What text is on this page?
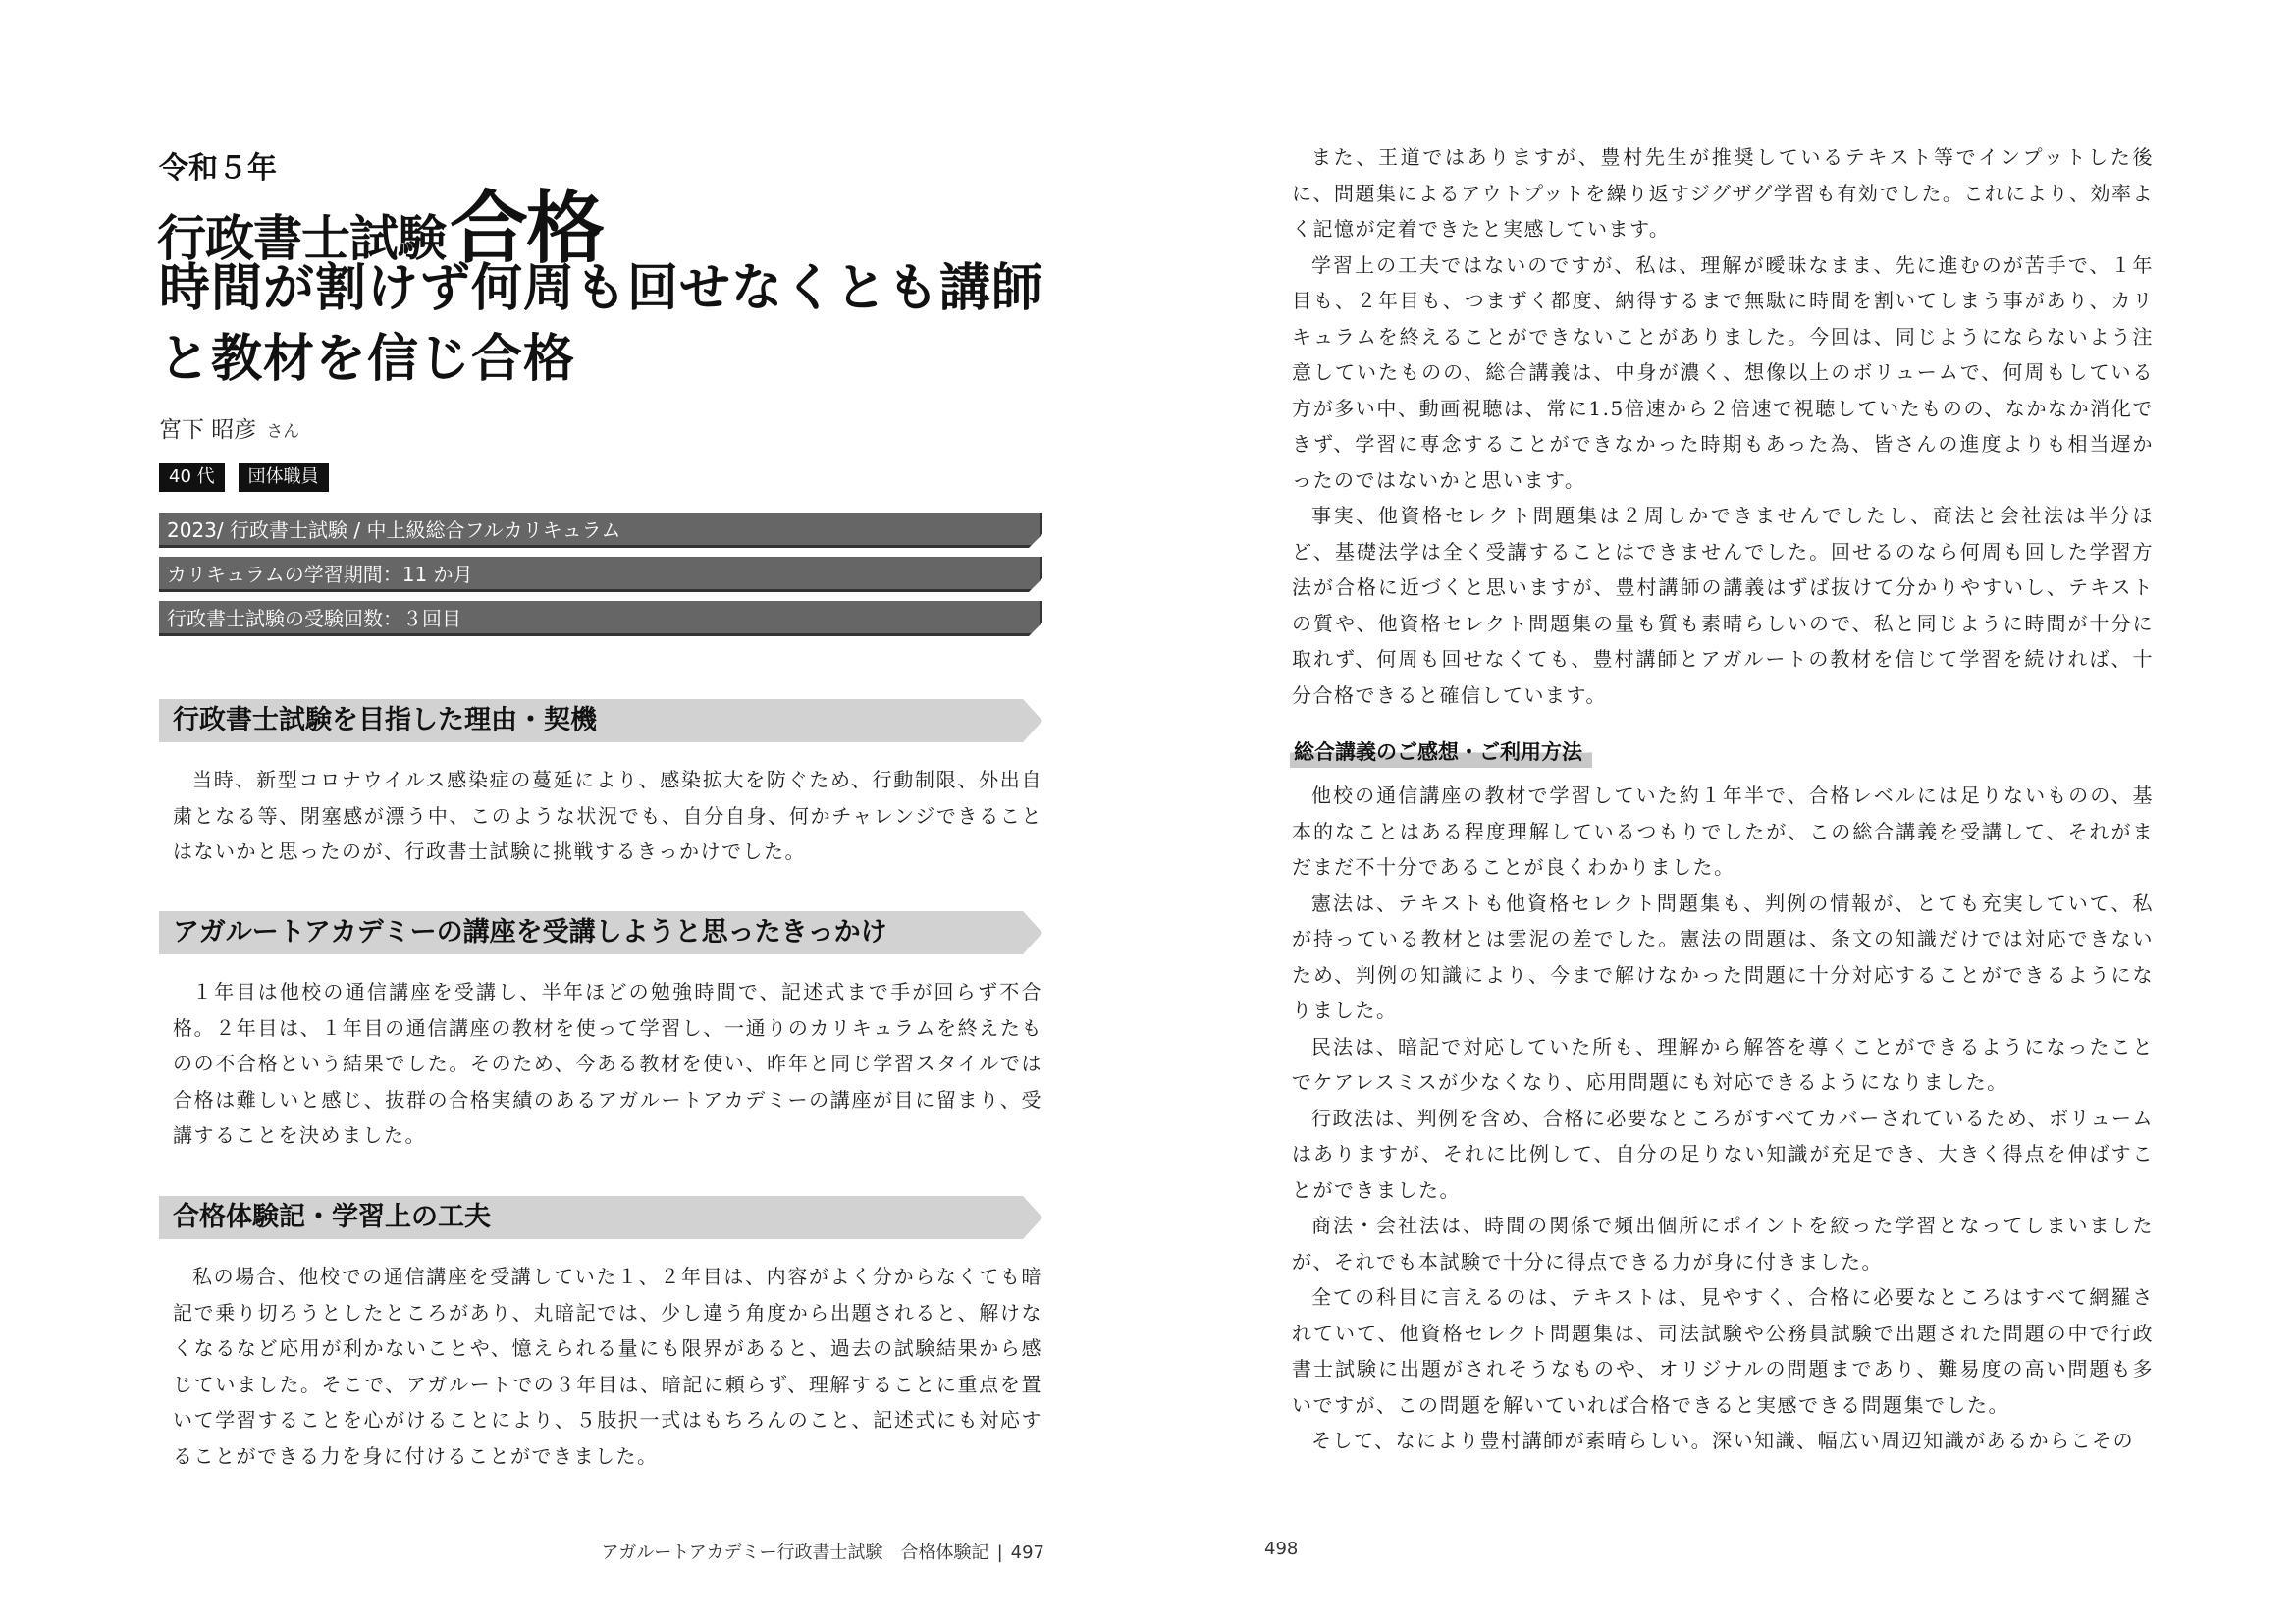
令和５年
行政書士試験合格
時間が割けず何周も回せなくとも講師と教材を信じ合格
宮下 昭彦 さん
40 代	団体職員
2023/ 行政書士試験 / 中上級総合フルカリキュラム
カリキュラムの学習期間：11 か月
行政書士試験の受験回数：３回目
行政書士試験を目指した理由・契機

当時、新型コロナウイルス感染症の蔓延により、感染拡大を防ぐため、行動制限、外出自粛となる等、閉塞感が漂う中、このような状況でも、自分自身、何かチャレンジできることはないかと思ったのが、行政書士試験に挑戦するきっかけでした。

アガルートアカデミーの講座を受講しようと思ったきっかけ

１年目は他校の通信講座を受講し、半年ほどの勉強時間で、記述式まで手が回らず不合格。２年目は、１年目の通信講座の教材を使って学習し、一通りのカリキュラムを終えたものの不合格という結果でした。そのため、今ある教材を使い、昨年と同じ学習スタイルでは合格は難しいと感じ、抜群の合格実績のあるアガルートアカデミーの講座が目に留まり、受講することを決めました。

合格体験記・学習上の工夫

私の場合、他校での通信講座を受講していた１、２年目は、内容がよく分からなくても暗記で乗り切ろうとしたところがあり、丸暗記では、少し違う角度から出題されると、解けなくなるなど応用が利かないことや、憶えられる量にも限界があると、過去の試験結果から感じていました。そこで、アガルートでの３年目は、暗記に頼らず、理解することに重点を置いて学習することを心がけることにより、５肢択一式はもちろんのこと、記述式にも対応することができる力を身に付けることができました。

アガルートアカデミー行政書士試験　合格体験記 | 497

また、王道ではありますが、豊村先生が推奨しているテキスト等でインプットした後に、問題集によるアウトプットを繰り返すジグザグ学習も有効でした。これにより、効率よく記憶が定着できたと実感しています。

学習上の工夫ではないのですが、私は、理解が曖昧なまま、先に進むのが苦手で、１年目も、２年目も、つまずく都度、納得するまで無駄に時間を割いてしまう事があり、カリキュラムを終えることができないことがありました。今回は、同じようにならないよう注意していたものの、総合講義は、中身が濃く、想像以上のボリュームで、何周もしている方が多い中、動画視聴は、常に1.5倍速から２倍速で視聴していたものの、なかなか消化できず、学習に専念することができなかった時期もあった為、皆さんの進度よりも相当遅かったのではないかと思います。

事実、他資格セレクト問題集は２周しかできませんでしたし、商法と会社法は半分ほど、基礎法学は全く受講することはできませんでした。回せるのなら何周も回した学習方法が合格に近づくと思いますが、豊村講師の講義はずば抜けて分かりやすいし、テキストの質や、他資格セレクト問題集の量も質も素晴らしいので、私と同じように時間が十分に取れず、何周も回せなくても、豊村講師とアガルートの教材を信じて学習を続ければ、十分合格できると確信しています。

総合講義のご感想・ご利用方法

他校の通信講座の教材で学習していた約１年半で、合格レベルには足りないものの、基本的なことはある程度理解しているつもりでしたが、この総合講義を受講して、それがまだまだ不十分であることが良くわかりました。

憲法は、テキストも他資格セレクト問題集も、判例の情報が、とても充実していて、私が持っている教材とは雲泥の差でした。憲法の問題は、条文の知識だけでは対応できないため、判例の知識により、今まで解けなかった問題に十分対応することができるようになりました。

民法は、暗記で対応していた所も、理解から解答を導くことができるようになったことでケアレスミスが少なくなり、応用問題にも対応できるようになりました。

行政法は、判例を含め、合格に必要なところがすべてカバーされているため、ボリュームはありますが、それに比例して、自分の足りない知識が充足でき、大きく得点を伸ばすことができました。

商法・会社法は、時間の関係で頻出個所にポイントを絞った学習となってしまいましたが、それでも本試験で十分に得点できる力が身に付きました。

全ての科目に言えるのは、テキストは、見やすく、合格に必要なところはすべて網羅されていて、他資格セレクト問題集は、司法試験や公務員試験で出題された問題の中で行政書士試験に出題がされそうなものや、オリジナルの問題まであり、難易度の高い問題も多いですが、この問題を解いていれば合格できると実感できる問題集でした。

そして、なにより豊村講師が素晴らしい。深い知識、幅広い周辺知識があるからこその

498
